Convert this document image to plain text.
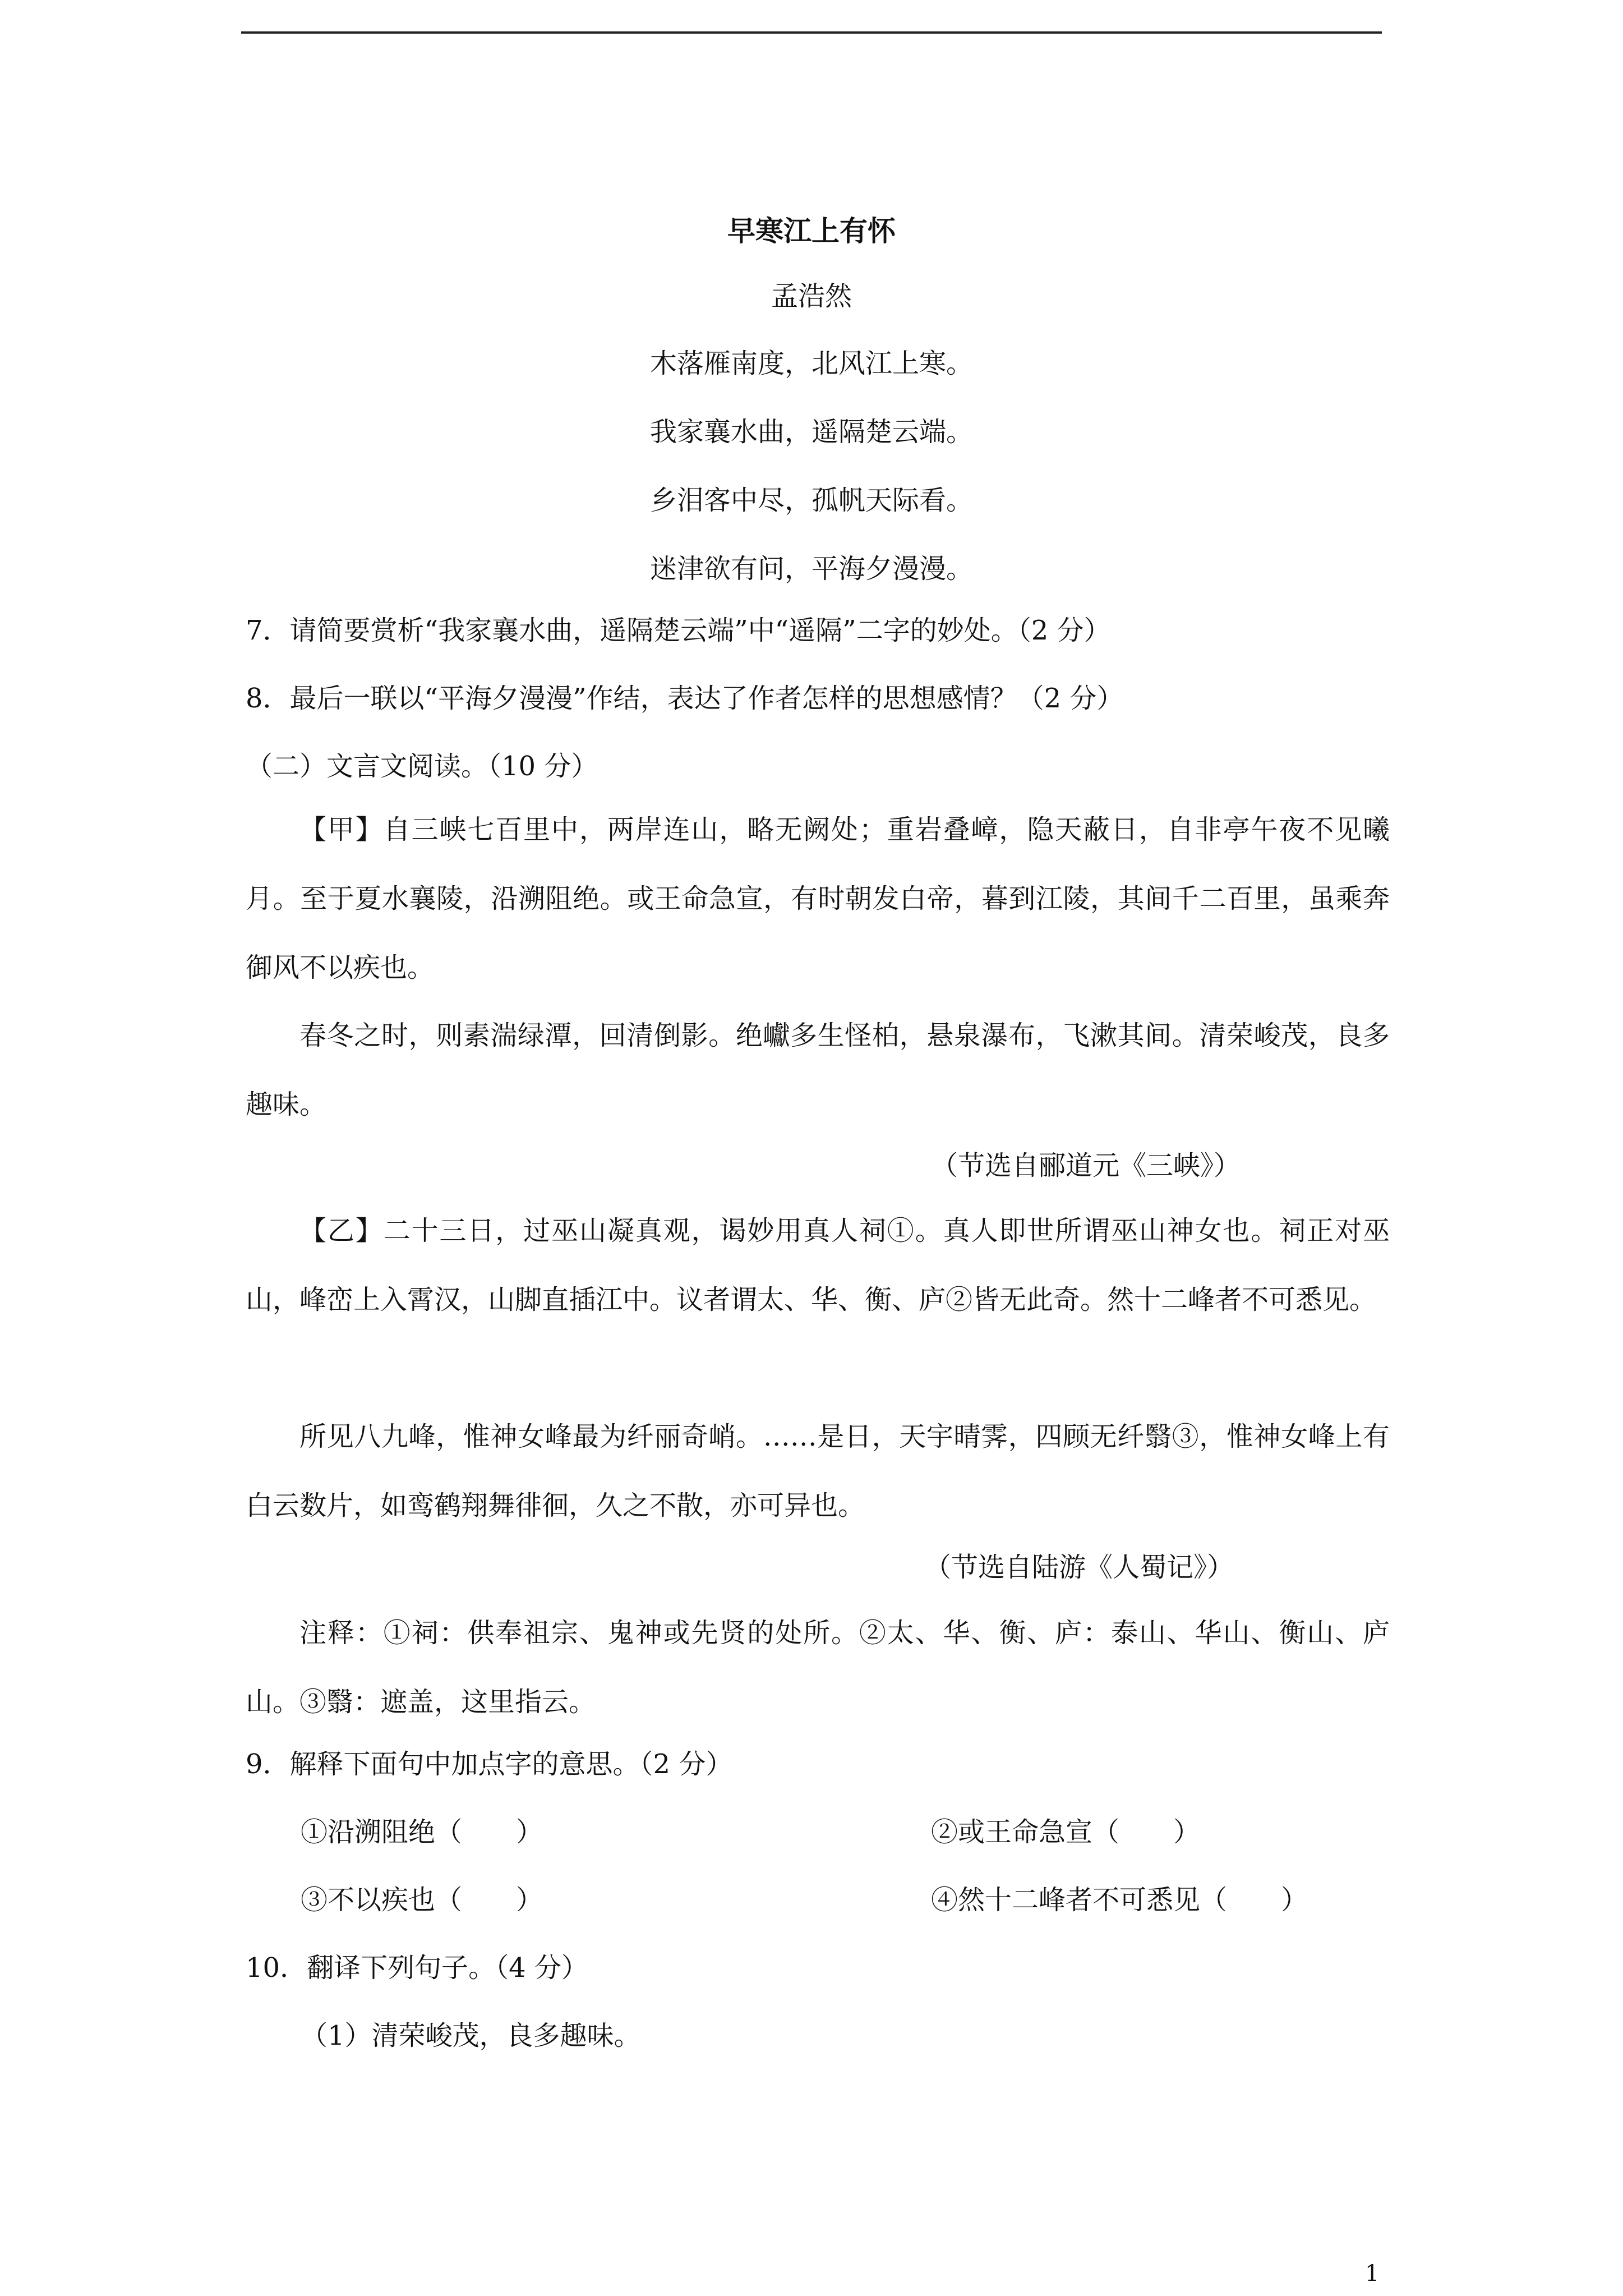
早寒江上有怀
孟浩然
木落雁南度，北风江上寒。
我家襄水曲，遥隔楚云端。
乡泪客中尽，孤帆天际看。
迷津欲有问，平海夕漫漫。
7．请简要赏析“我家襄水曲，遥隔楚云端”中“遥隔”二字的妙处。（2 分）
8．最后一联以“平海夕漫漫”作结，表达了作者怎样的思想感情？（2 分）
（二）文言文阅读。（10 分）
【甲】自三峡七百里中，两岸连山，略无阙处；重岩叠嶂，隐天蔽日，自非亭午夜不见曦月。至于夏水襄陵，沿溯阻绝。或王命急宣，有时朝发白帝，暮到江陵，其间千二百里，虽乘奔御风不以疾也。
春冬之时，则素湍绿潭，回清倒影。绝巘多生怪柏，悬泉瀑布，飞漱其间。清荣峻茂，良多趣味。
（节选自郦道元《三峡》）
【乙】二十三日，过巫山凝真观，谒妙用真人祠①。真人即世所谓巫山神女也。祠正对巫山，峰峦上入霄汉，山脚直插江中。议者谓太、华、衡、庐②皆无此奇。然十二峰者不可悉见。
所见八九峰，惟神女峰最为纤丽奇峭。……是日，天宇晴霁，四顾无纤翳③，惟神女峰上有白云数片，如鸾鹤翔舞徘徊，久之不散，亦可异也。
（节选自陆游《人蜀记》）
注释：①祠：供奉祖宗、鬼神或先贤的处所。②太、华、衡、庐：泰山、华山、衡山、庐山。③翳：遮盖，这里指云。
9．解释下面句中加点字的意思。（2 分）
①沿溯阻绝（　　）	②或王命急宣（　　）
③不以疾也（　　）	④然十二峰者不可悉见（　　）
10．翻译下列句子。（4 分）
（1）清荣峻茂，良多趣味。
1
